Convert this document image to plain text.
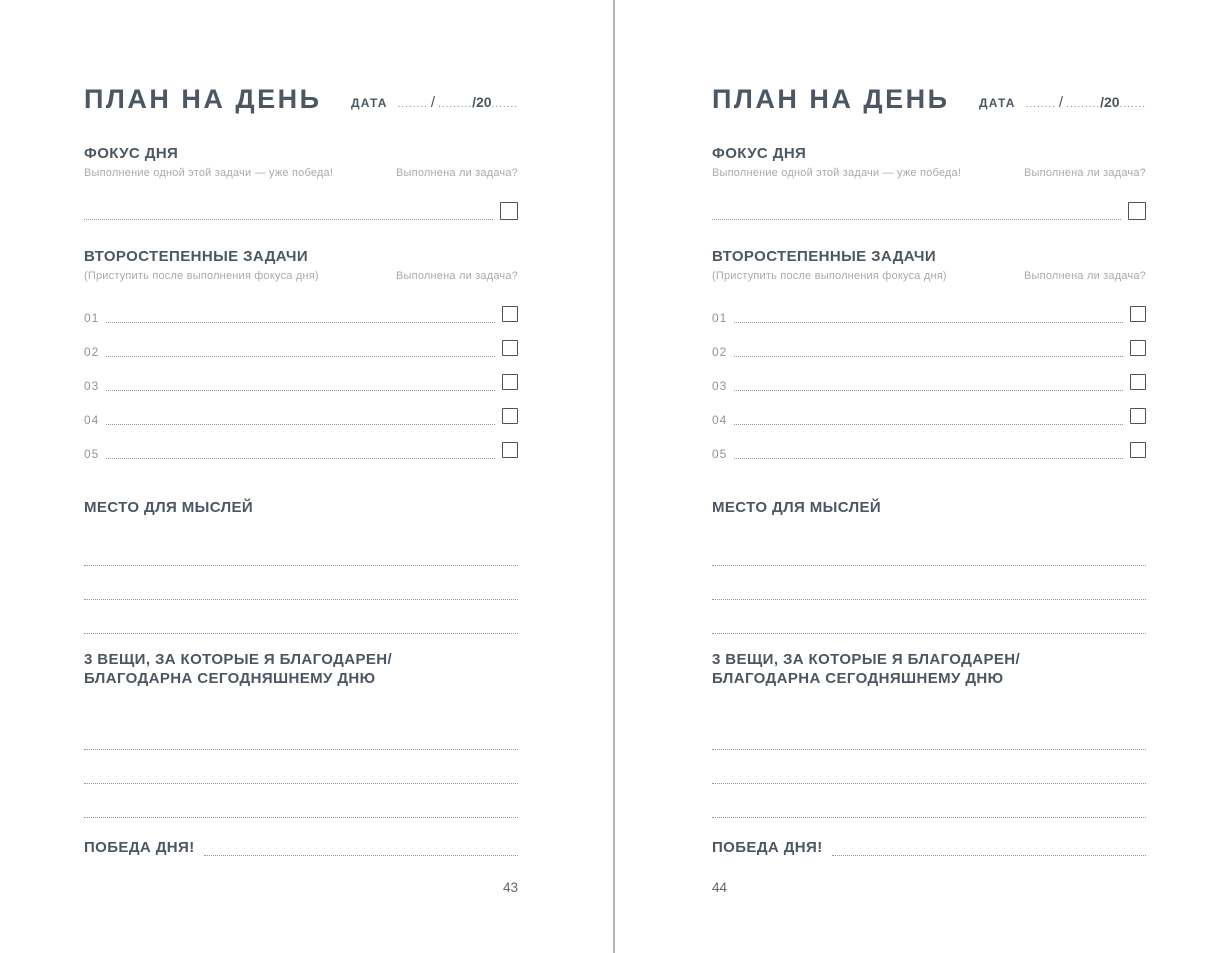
ПЛАН НА ДЕНЬ ДАТА ........ / ......... /20 .......
ФОКУС ДНЯ
Выполнение одной этой задачи — уже победа!	Выполнена ли задача?
ВТОРОСТЕПЕННЫЕ ЗАДАЧИ
(Приступить после выполнения фокуса дня)	Выполнена ли задача?
01
02
03
04
05
МЕСТО ДЛЯ МЫСЛЕЙ
3 ВЕЩИ, ЗА КОТОРЫЕ Я БЛАГОДАРЕН/БЛАГОДАРНА СЕГОДНЯШНЕМУ ДНЮ
ПОБЕДА ДНЯ!
43
ПЛАН НА ДЕНЬ ДАТА ........ / ......... /20 .......
ФОКУС ДНЯ
Выполнение одной этой задачи — уже победа!	Выполнена ли задача?
ВТОРОСТЕПЕННЫЕ ЗАДАЧИ
(Приступить после выполнения фокуса дня)	Выполнена ли задача?
01
02
03
04
05
МЕСТО ДЛЯ МЫСЛЕЙ
3 ВЕЩИ, ЗА КОТОРЫЕ Я БЛАГОДАРЕН/БЛАГОДАРНА СЕГОДНЯШНЕМУ ДНЮ
ПОБЕДА ДНЯ!
44
